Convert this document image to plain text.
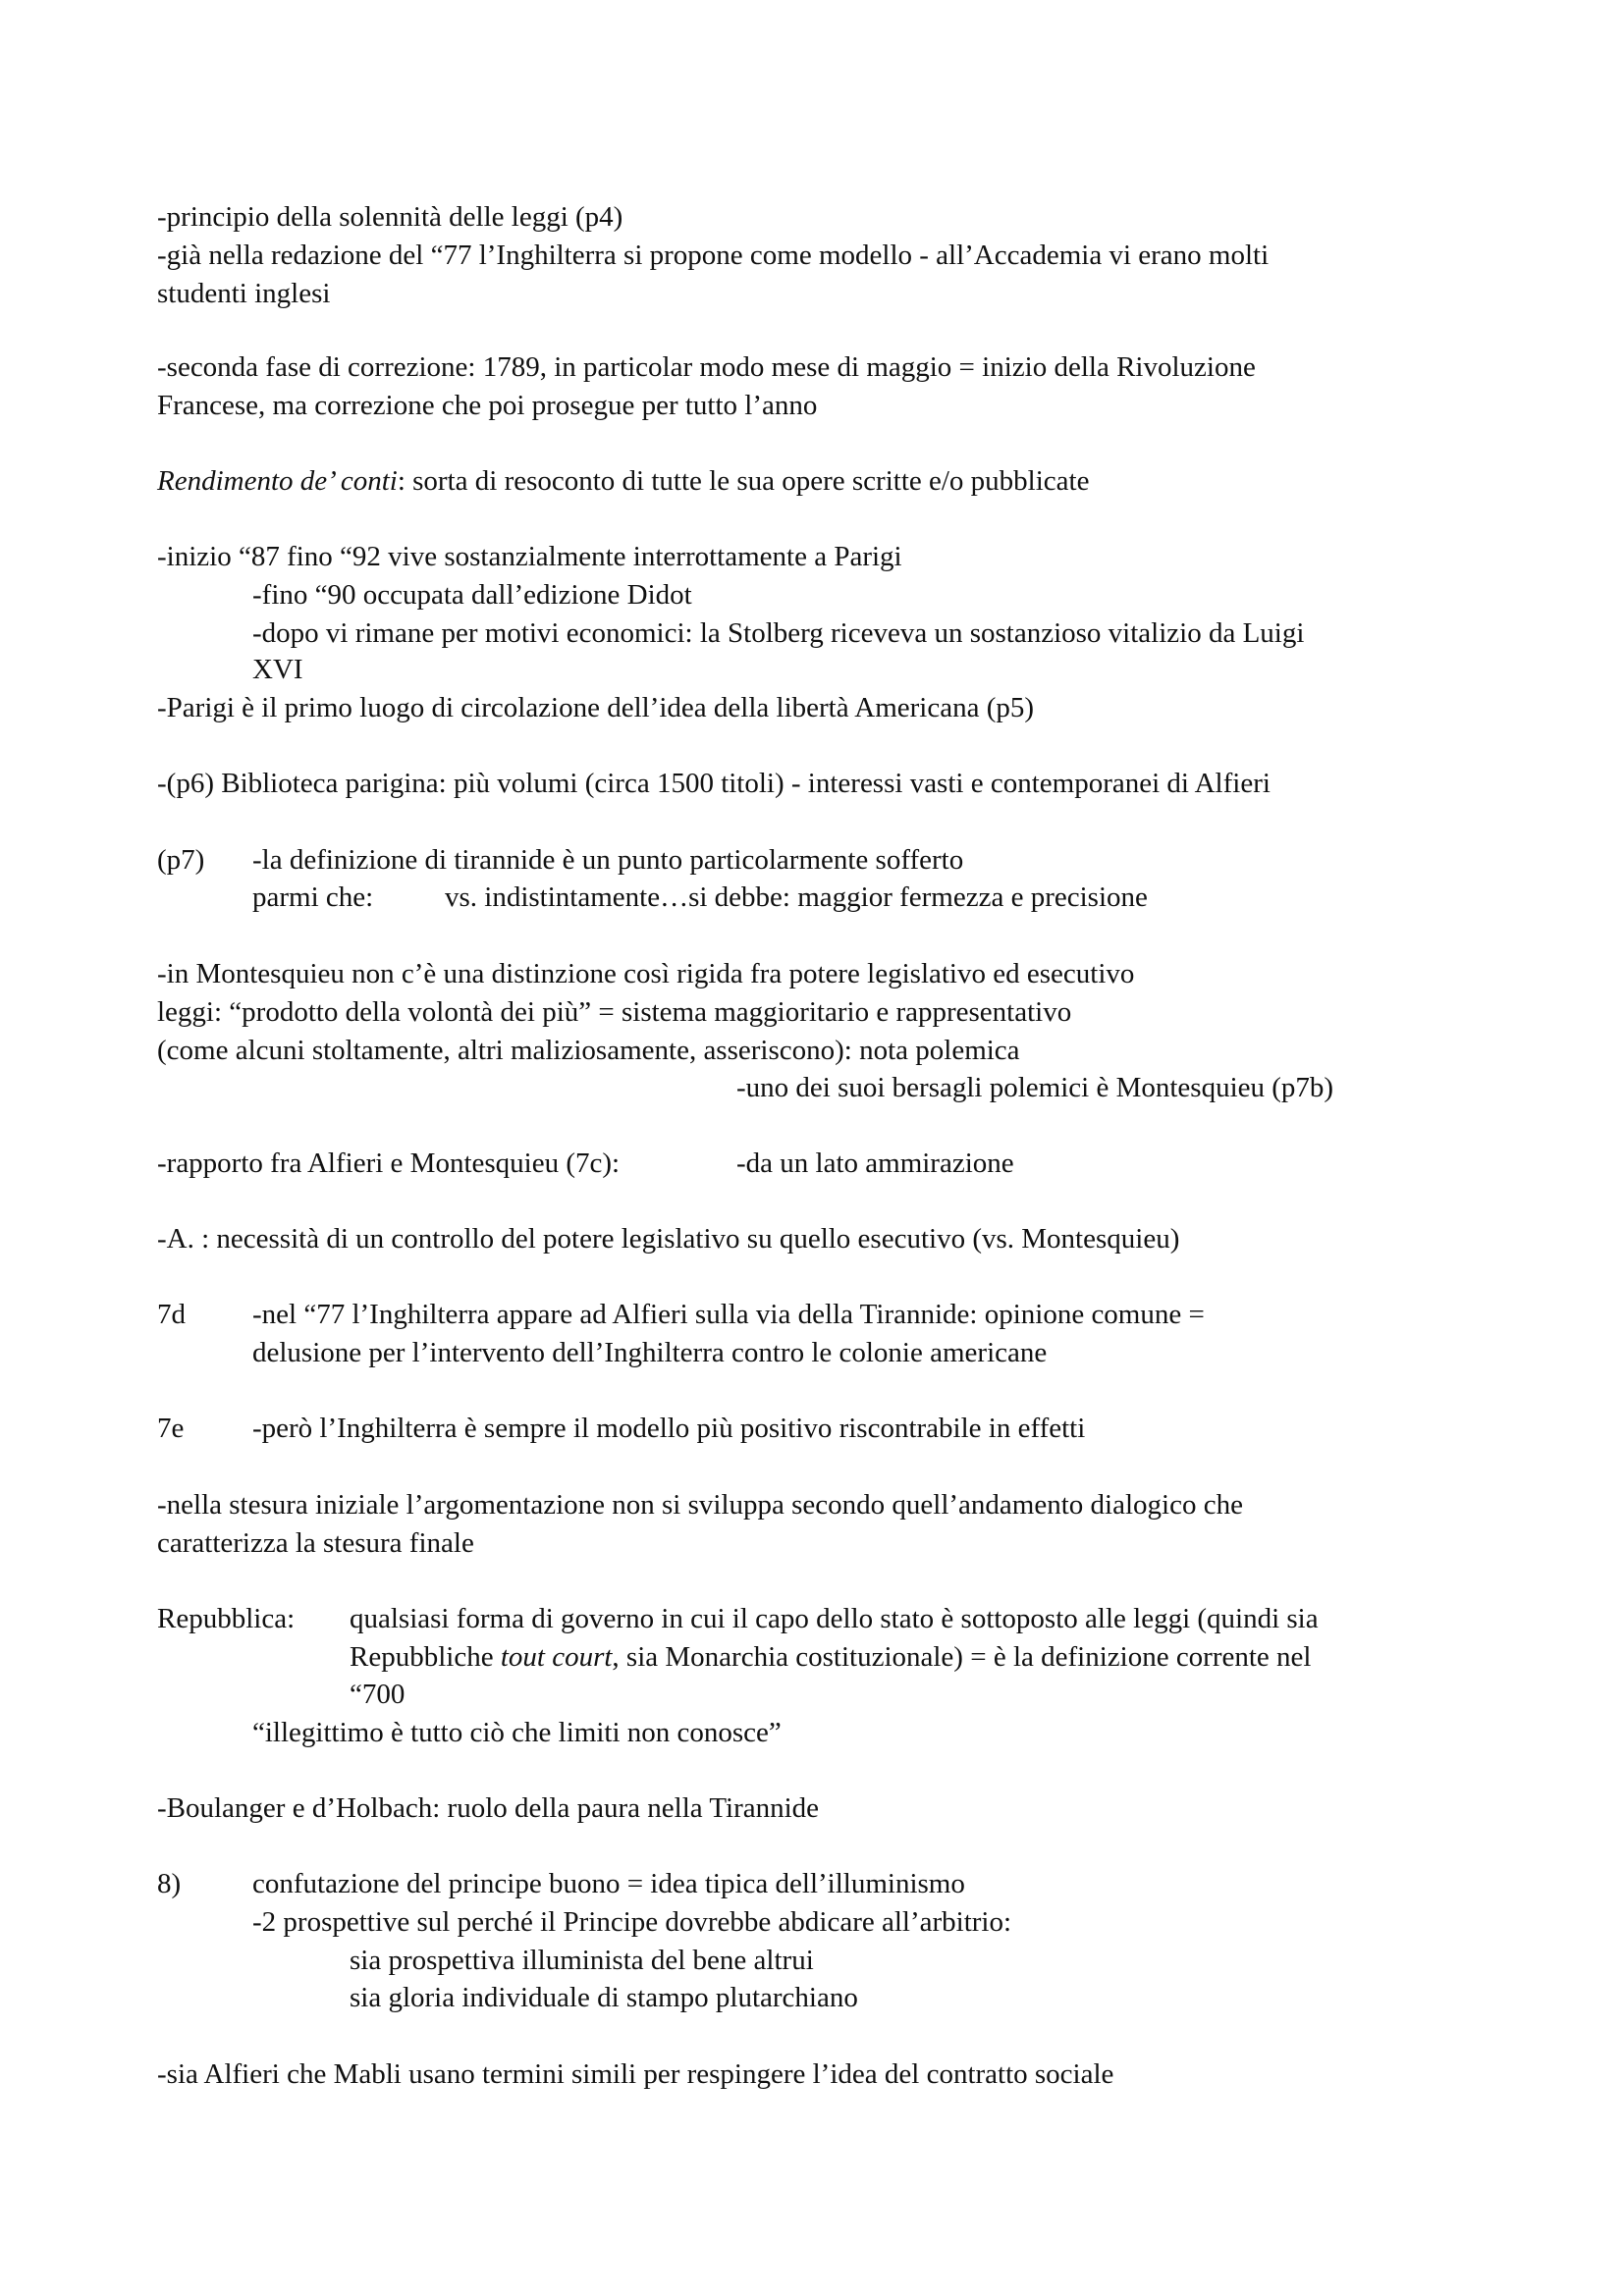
-principio della solennità delle leggi (p4)
-già nella redazione del “77 l’Inghilterra si propone come modello - all’Accademia vi erano molti
studenti inglesi
-seconda fase di correzione: 1789, in particolar modo mese di maggio = inizio della Rivoluzione
Francese, ma correzione che poi prosegue per tutto l’anno
Rendimento de’ conti: sorta di resoconto di tutte le sua opere scritte e/o pubblicate
-inizio “87 fino “92 vive sostanzialmente interrottamente a Parigi
-fino “90 occupata dall’edizione Didot
-dopo vi rimane per motivi economici: la Stolberg riceveva un sostanzioso vitalizio da Luigi
XVI
-Parigi è il primo luogo di circolazione dell’idea della libertà Americana (p5)
-(p6) Biblioteca parigina: più volumi (circa 1500 titoli) - interessi vasti e contemporanei di Alfieri
(p7) -la definizione di tirannide è un punto particolarmente sofferto
parmi che:	vs. indistintamente…si debbe: maggior fermezza e precisione
-in Montesquieu non c’è una distinzione così rigida fra potere legislativo ed esecutivo
leggi: “prodotto della volontà dei più” = sistema maggioritario e rappresentativo
(come alcuni stoltamente, altri maliziosamente, asseriscono): nota polemica
-uno dei suoi bersagli polemici è Montesquieu (p7b)
-rapporto fra Alfieri e Montesquieu (7c):	-da un lato ammirazione
-A. : necessità di un controllo del potere legislativo su quello esecutivo (vs. Montesquieu)
7d -nel “77 l’Inghilterra appare ad Alfieri sulla via della Tirannide: opinione comune =
delusione per l’intervento dell’Inghilterra contro le colonie americane
7e -però l’Inghilterra è sempre il modello più positivo riscontrabile in effetti
-nella stesura iniziale l’argomentazione non si sviluppa secondo quell’andamento dialogico che
caratterizza la stesura finale
Repubblica: qualsiasi forma di governo in cui il capo dello stato è sottoposto alle leggi (quindi sia
Repubbliche tout court, sia Monarchia costituzionale) = è la definizione corrente nel
“700
“illegittimo è tutto ciò che limiti non conosce”
-Boulanger e d’Holbach: ruolo della paura nella Tirannide
8)	confutazione del principe buono = idea tipica dell’illuminismo
-2 prospettive sul perché il Principe dovrebbe abdicare all’arbitrio:
sia prospettiva illuminista del bene altrui
sia gloria individuale di stampo plutarchiano
-sia Alfieri che Mabli usano termini simili per respingere l’idea del contratto sociale
